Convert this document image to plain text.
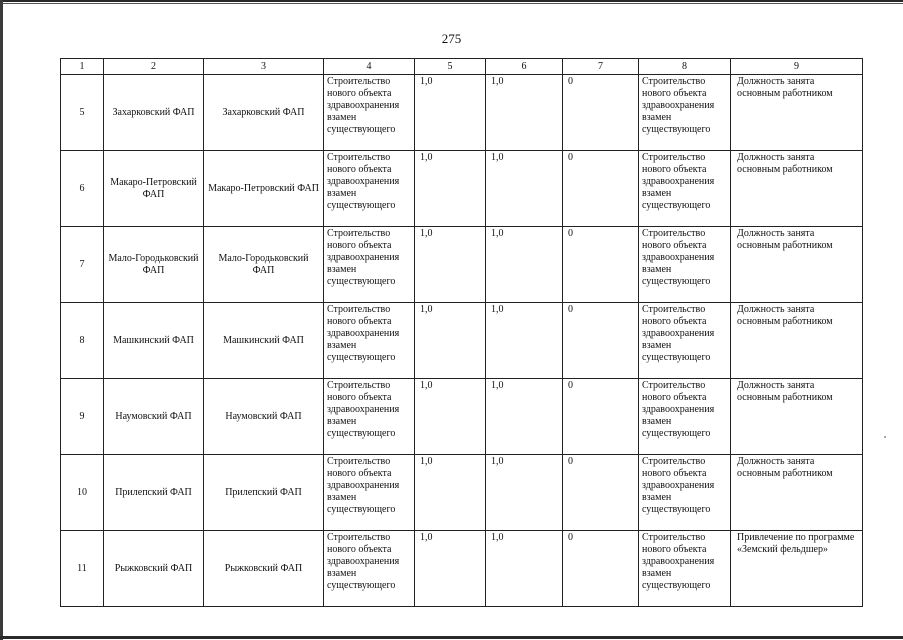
275
1	2	3	4	5	6	7	8	9
5	Захарковский ФАП	Захарковский ФАП	Строительство нового объекта здравоохранения взамен существующего	1,0	1,0	0	Строительство нового объекта здравоохранения взамен существующего	Должность занята основным работником
6	Макаро-Петровский ФАП	Макаро-Петровский ФАП	Строительство нового объекта здравоохранения взамен существующего	1,0	1,0	0	Строительство нового объекта здравоохранения взамен существующего	Должность занята основным работником
7	Мало-Городьковский ФАП	Мало-Городьковский ФАП	Строительство нового объекта здравоохранения взамен существующего	1,0	1,0	0	Строительство нового объекта здравоохранения взамен существующего	Должность занята основным работником
8	Машкинский ФАП	Машкинский ФАП	Строительство нового объекта здравоохранения взамен существующего	1,0	1,0	0	Строительство нового объекта здравоохранения взамен существующего	Должность занята основным работником
9	Наумовский ФАП	Наумовский ФАП	Строительство нового объекта здравоохранения взамен существующего	1,0	1,0	0	Строительство нового объекта здравоохранения взамен существующего	Должность занята основным работником
10	Прилепский ФАП	Прилепский ФАП	Строительство нового объекта здравоохранения взамен существующего	1,0	1,0	0	Строительство нового объекта здравоохранения взамен существующего	Должность занята основным работником
11	Рыжковский ФАП	Рыжковский ФАП	Строительство нового объекта здравоохранения взамен существующего	1,0	1,0	0	Строительство нового объекта здравоохранения взамен существующего	Привлечение по программе «Земский фельдшер»
